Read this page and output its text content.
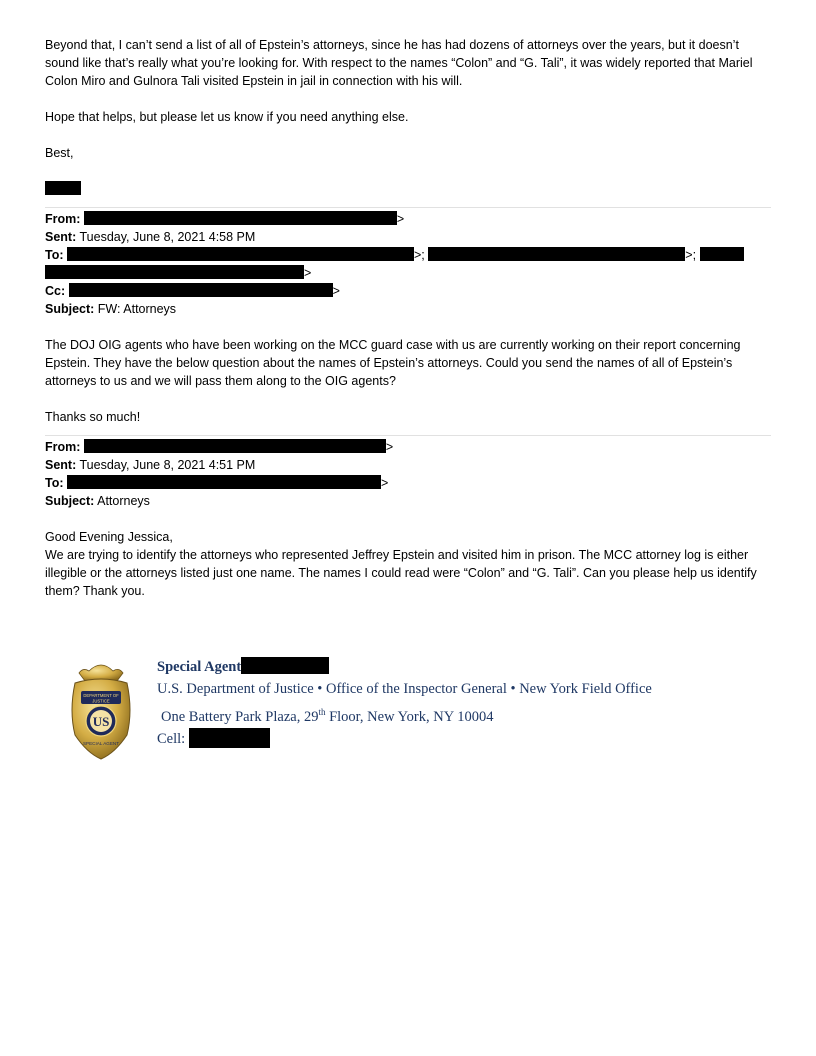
Beyond that, I can’t send a list of all of Epstein’s attorneys, since he has had dozens of attorneys over the years, but it doesn’t sound like that’s really what you’re looking for. With respect to the names “Colon” and “G. Tali”, it was widely reported that Mariel Colon Miro and Gulnora Tali visited Epstein in jail in connection with his will.

Hope that helps, but please let us know if you need anything else.

Best,

From:	>
Sent: Tuesday, June 8, 2021 4:58 PM
To:	>;	>;
>
Cc:	>
Subject: FW: Attorneys

The DOJ OIG agents who have been working on the MCC guard case with us are currently working on their report concerning Epstein. They have the below question about the names of Epstein’s attorneys. Could you send the names of all of Epstein’s attorneys to us and we will pass them along to the OIG agents?

Thanks so much!

From:	>
Sent: Tuesday, June 8, 2021 4:51 PM
To:	>
Subject: Attorneys

Good Evening Jessica,

We are trying to identify the attorneys who represented Jeffrey Epstein and visited him in prison. The MCC attorney log is either illegible or the attorneys listed just one name. The names I could read were “Colon” and “G. Tali”. Can you please help us identify them? Thank you.

DEPARTMENT OF
JUSTICE
US
SPECIAL AGENT
Special Agent
U.S. Department of Justice • Office of the Inspector General • New York Field Office
One Battery Park Plaza, 29th Floor, New York, NY 10004
Cell:
